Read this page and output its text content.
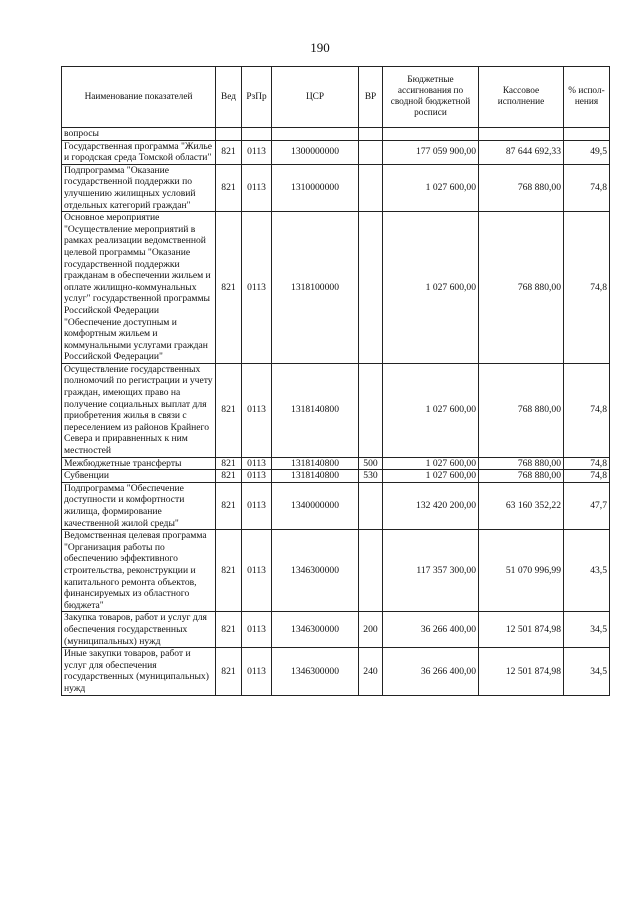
190
Наименование показателей	Вед	РзПр	ЦСР	ВР	Бюджетные ассигнования по сводной бюджетной росписи	Кассовое исполнение	% испол-нения
вопросы							
Государственная программа "Жилье и городская среда Томской области"	821	0113	1300000000		177 059 900,00	87 644 692,33	49,5
Подпрограмма "Оказание государственной поддержки по улучшению жилищных условий отдельных категорий граждан"	821	0113	1310000000		1 027 600,00	768 880,00	74,8
Основное мероприятие "Осуществление мероприятий в рамках реализации ведомственной целевой программы "Оказание государственной поддержки гражданам в обеспечении жильем и оплате жилищно-коммунальных услуг" государственной программы Российской Федерации "Обеспечение доступным и комфортным жильем и коммунальными услугами граждан Российской Федерации"	821	0113	1318100000		1 027 600,00	768 880,00	74,8
Осуществление государственных полномочий по регистрации и учету граждан, имеющих право на получение социальных выплат для приобретения жилья в связи с переселением из районов Крайнего Севера и приравненных к ним местностей	821	0113	1318140800		1 027 600,00	768 880,00	74,8
Межбюджетные трансферты	821	0113	1318140800	500	1 027 600,00	768 880,00	74,8
Субвенции	821	0113	1318140800	530	1 027 600,00	768 880,00	74,8
Подпрограмма "Обеспечение доступности и комфортности жилища, формирование качественной жилой среды"	821	0113	1340000000		132 420 200,00	63 160 352,22	47,7
Ведомственная целевая программа "Организация работы по обеспечению эффективного строительства, реконструкции и капитального ремонта объектов, финансируемых из областного бюджета"	821	0113	1346300000		117 357 300,00	51 070 996,99	43,5
Закупка товаров, работ и услуг для обеспечения государственных (муниципальных) нужд	821	0113	1346300000	200	36 266 400,00	12 501 874,98	34,5
Иные закупки товаров, работ и услуг для обеспечения государственных (муниципальных) нужд	821	0113	1346300000	240	36 266 400,00	12 501 874,98	34,5
